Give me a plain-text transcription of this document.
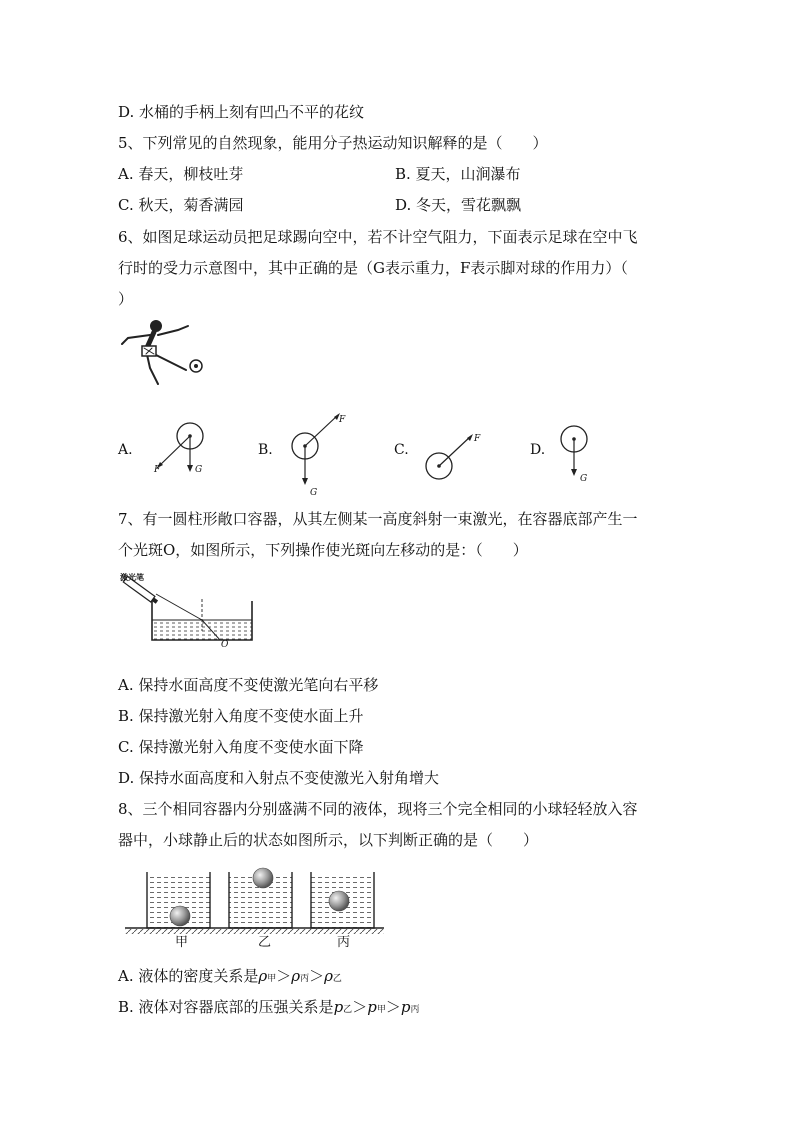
D. 水桶的手柄上刻有凹凸不平的花纹
5、下列常见的自然现象，能用分子热运动知识解释的是（　　）
A. 春天，柳枝吐芽	B. 夏天，山涧瀑布
C. 秋天，菊香满园	D. 冬天，雪花飘飘
6、如图足球运动员把足球踢向空中，若不计空气阻力，下面表示足球在空中飞
行时的受力示意图中，其中正确的是（G表示重力，F表示脚对球的作用力）（
）
A.
F	G
B.
F
G
C.
F
D.
G
7、有一圆柱形敞口容器，从其左侧某一高度斜射一束激光，在容器底部产生一
个光斑O，如图所示，下列操作使光斑向左移动的是：（　　）
激光笔
O
A. 保持水面高度不变使激光笔向右平移
B. 保持激光射入角度不变使水面上升
C. 保持激光射入角度不变使水面下降
D. 保持水面高度和入射点不变使激光入射角增大
8、三个相同容器内分别盛满不同的液体，现将三个完全相同的小球轻轻放入容
器中，小球静止后的状态如图所示，以下判断正确的是（　　）
甲	乙	丙
A. 液体的密度关系是ρ甲＞ρ丙＞ρ乙
B. 液体对容器底部的压强关系是p乙＞p甲＞p丙
